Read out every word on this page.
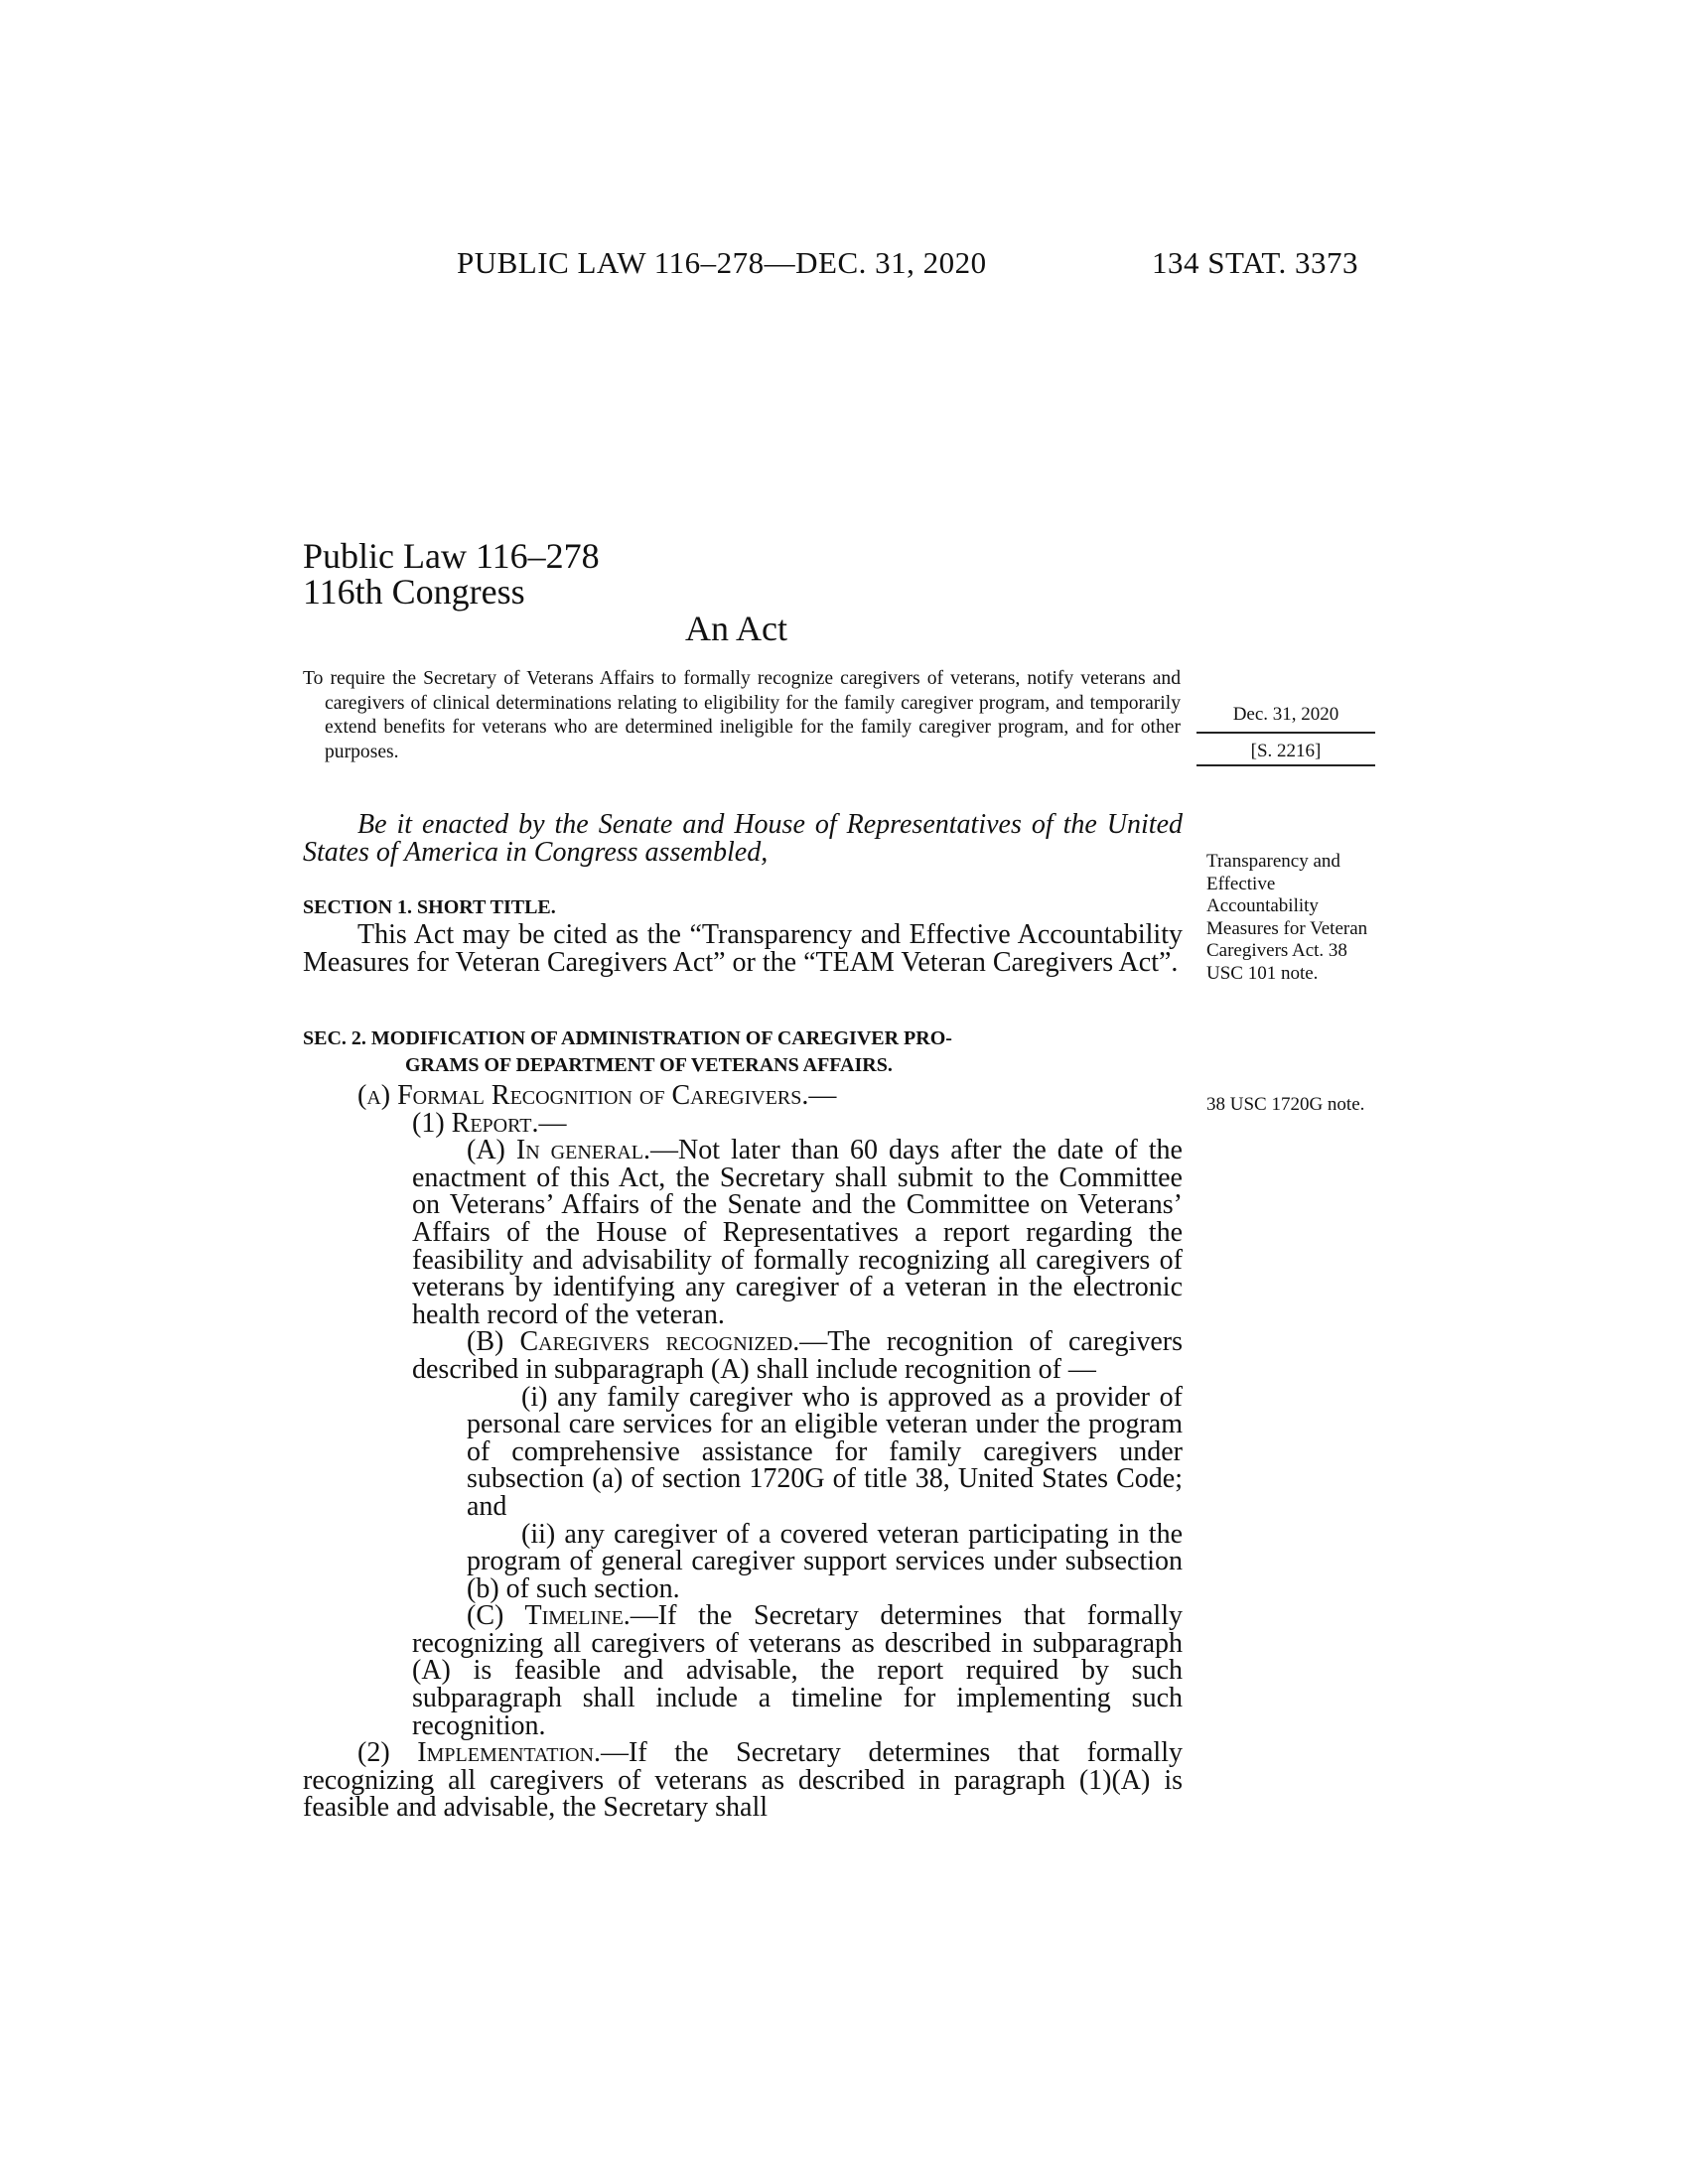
PUBLIC LAW 116–278—DEC. 31, 2020	134 STAT. 3373
Public Law 116–278
116th Congress
An Act

To require the Secretary of Veterans Affairs to formally recognize caregivers of veterans, notify veterans and caregivers of clinical determinations relating to eligibility for the family caregiver program, and temporarily extend benefits for veterans who are determined ineligible for the family caregiver program, and for other purposes.

Dec. 31, 2020
[S. 2216]

Be it enacted by the Senate and House of Representatives of the United States of America in Congress assembled,	Transparency and Effective Accountability Measures for Veteran Caregivers Act. 38 USC 101 note.
38 USC 1720G note.
SECTION 1. SHORT TITLE.

This Act may be cited as the “Transparency and Effective Accountability Measures for Veteran Caregivers Act” or the “TEAM Veteran Caregivers Act”.

SEC. 2. MODIFICATION OF ADMINISTRATION OF CAREGIVER PRO-
GRAMS OF DEPARTMENT OF VETERANS AFFAIRS.

(a) Formal Recognition of Caregivers.—

(1) Report.—

(A) In general.—Not later than 60 days after the date of the enactment of this Act, the Secretary shall submit to the Committee on Veterans’ Affairs of the Senate and the Committee on Veterans’ Affairs of the House of Representatives a report regarding the feasibility and advisability of formally recognizing all caregivers of veterans by identifying any caregiver of a veteran in the electronic health record of the veteran.

(B) Caregivers recognized.—The recognition of caregivers described in subparagraph (A) shall include recognition of —

(i) any family caregiver who is approved as a provider of personal care services for an eligible veteran under the program of comprehensive assistance for family caregivers under subsection (a) of section 1720G of title 38, United States Code; and

(ii) any caregiver of a covered veteran participating in the program of general caregiver support services under subsection (b) of such section.

(C) Timeline.—If the Secretary determines that formally recognizing all caregivers of veterans as described in subparagraph (A) is feasible and advisable, the report required by such subparagraph shall include a timeline for implementing such recognition.

(2) Implementation.—If the Secretary determines that formally recognizing all caregivers of veterans as described in paragraph (1)(A) is feasible and advisable, the Secretary shall
